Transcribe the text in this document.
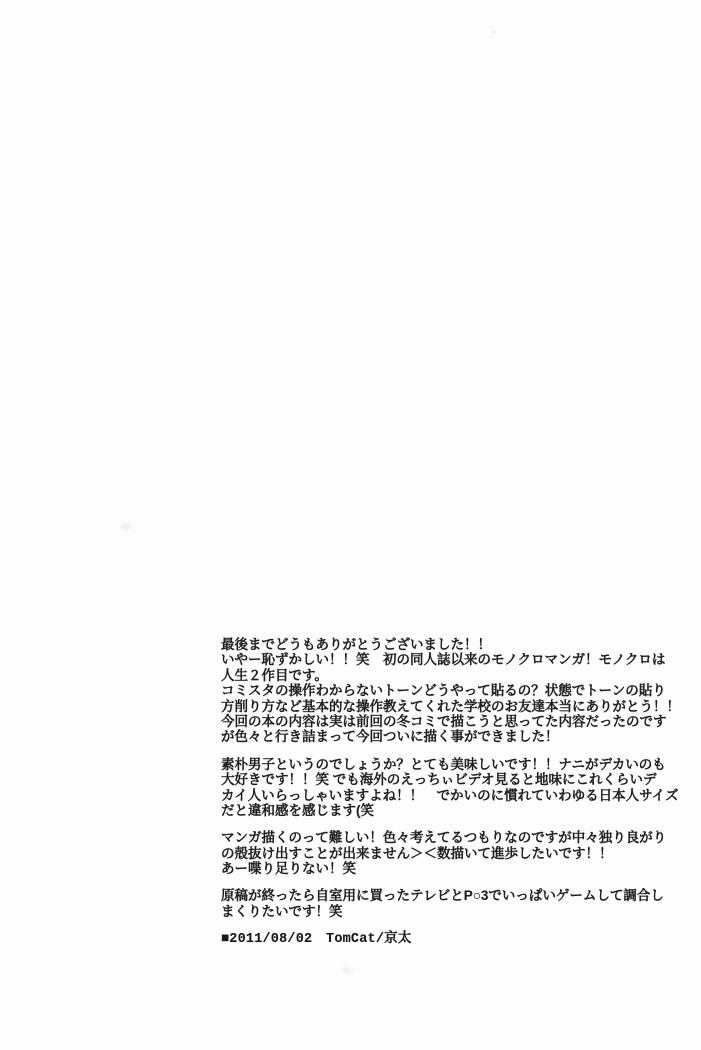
最後までどうもありがとうございました！！
いやー恥ずかしい！！笑　初の同人誌以来のモノクロマンガ！モノクロは
人生２作目です。
コミスタの操作わからないトーンどうやって貼るの？状態でトーンの貼り
方削り方など基本的な操作教えてくれた学校のお友達本当にありがとう！！
今回の本の内容は実は前回の冬コミで描こうと思ってた内容だったのです
が色々と行き詰まって今回ついに描く事ができました！
素朴男子というのでしょうか？とても美味しいです！！ナニがデカいのも
大好きです！！笑 でも海外のえっちぃビデオ見ると地味にこれくらいデ
カイ人いらっしゃいますよね！！　でかいのに慣れていわゆる日本人サイズ
だと違和感を感じます(笑
マンガ描くのって難しい！色々考えてるつもりなのですが中々独り良がり
の殻抜け出すことが出来ません＞＜数描いて進歩したいです！！
あー喋り足りない！笑
原稿が終ったら自室用に買ったテレビとP○3でいっぱいゲームして調合し
まくりたいです！笑
■2011/08/02　TomCat/京太
